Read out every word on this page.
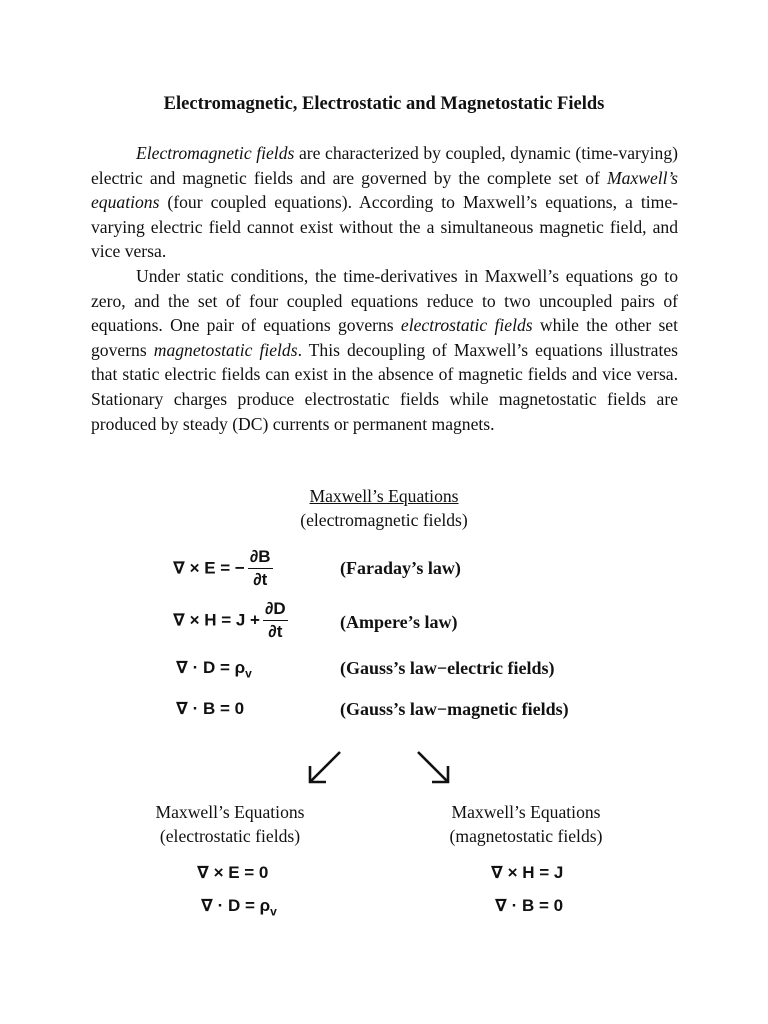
Electromagnetic, Electrostatic and Magnetostatic Fields

Electromagnetic fields are characterized by coupled, dynamic (time-varying) electric and magnetic fields and are governed by the complete set of Maxwell’s equations (four coupled equations). According to Maxwell’s equations, a time-varying electric field cannot exist without the a simultaneous magnetic field, and vice versa.

Under static conditions, the time-derivatives in Maxwell’s equations go to zero, and the set of four coupled equations reduce to two uncoupled pairs of equations. One pair of equations governs electrostatic fields while the other set governs magnetostatic fields. This decoupling of Maxwell’s equations illustrates that static electric fields can exist in the absence of magnetic fields and vice versa. Stationary charges produce electrostatic fields while magnetostatic fields are produced by steady (DC) currents or permanent magnets.

Maxwell’s Equations
(electromagnetic fields)
∇ × E = − $\frac{\partial B}{\partial t}$	(Faraday’s law)
∇ × $H = J + \frac{\partial D}{\partial t}$	(Ampere’s law)
∇ · $D = \rho_v$	(Gauss’s law−electric fields)
∇ · B = 0	(Gauss’s law−magnetic fields)
Maxwell’s Equations
(electrostatic fields)
∇ × E = 0
∇ · $D = \rho_v$
Maxwell’s Equations
(magnetostatic fields)
∇ × H = J
∇ · B = 0
